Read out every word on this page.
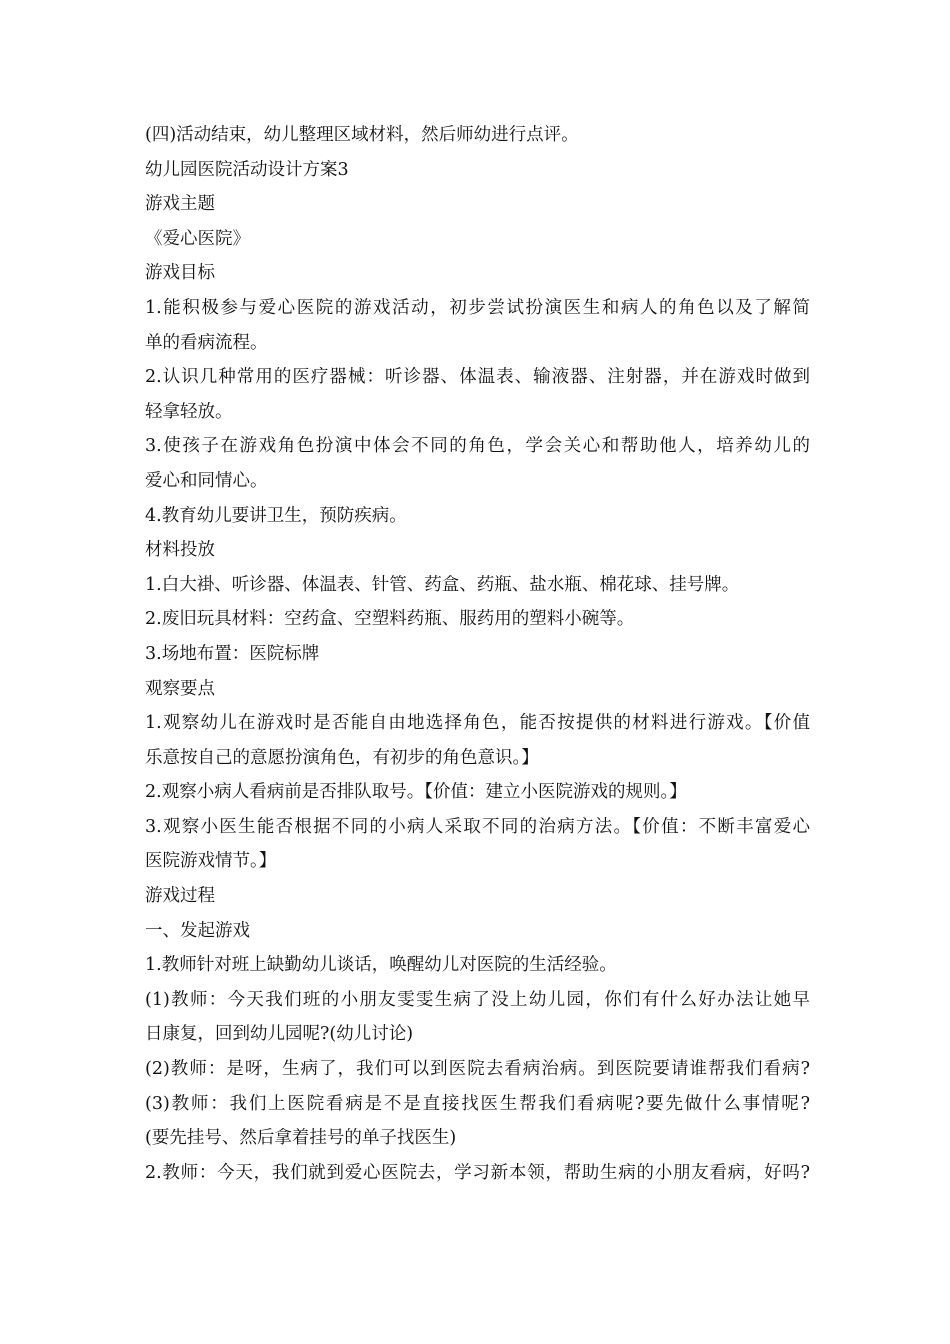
(四)活动结束，幼儿整理区域材料，然后师幼进行点评。
幼儿园医院活动设计方案3
游戏主题
《爱心医院》
游戏目标
1.能积极参与爱心医院的游戏活动，初步尝试扮演医生和病人的角色以及了解简
单的看病流程。
2.认识几种常用的医疗器械：听诊器、体温表、输液器、注射器，并在游戏时做到
轻拿轻放。
3.使孩子在游戏角色扮演中体会不同的角色，学会关心和帮助他人，培养幼儿的
爱心和同情心。
4.教育幼儿要讲卫生，预防疾病。
材料投放
1.白大褂、听诊器、体温表、针管、药盒、药瓶、盐水瓶、棉花球、挂号牌。
2.废旧玩具材料：空药盒、空塑料药瓶、服药用的塑料小碗等。
3.场地布置：医院标牌
观察要点
1.观察幼儿在游戏时是否能自由地选择角色，能否按提供的材料进行游戏。【价值
乐意按自己的意愿扮演角色，有初步的角色意识。】
2.观察小病人看病前是否排队取号。【价值：建立小医院游戏的规则。】
3.观察小医生能否根据不同的小病人采取不同的治病方法。【价值：不断丰富爱心
医院游戏情节。】
游戏过程
一、发起游戏
1.教师针对班上缺勤幼儿谈话，唤醒幼儿对医院的生活经验。
(1)教师：今天我们班的小朋友雯雯生病了没上幼儿园，你们有什么好办法让她早
日康复，回到幼儿园呢?(幼儿讨论)
(2)教师：是呀，生病了，我们可以到医院去看病治病。到医院要请谁帮我们看病?
(3)教师：我们上医院看病是不是直接找医生帮我们看病呢?要先做什么事情呢?
(要先挂号、然后拿着挂号的单子找医生)
2.教师：今天，我们就到爱心医院去，学习新本领，帮助生病的小朋友看病，好吗?
